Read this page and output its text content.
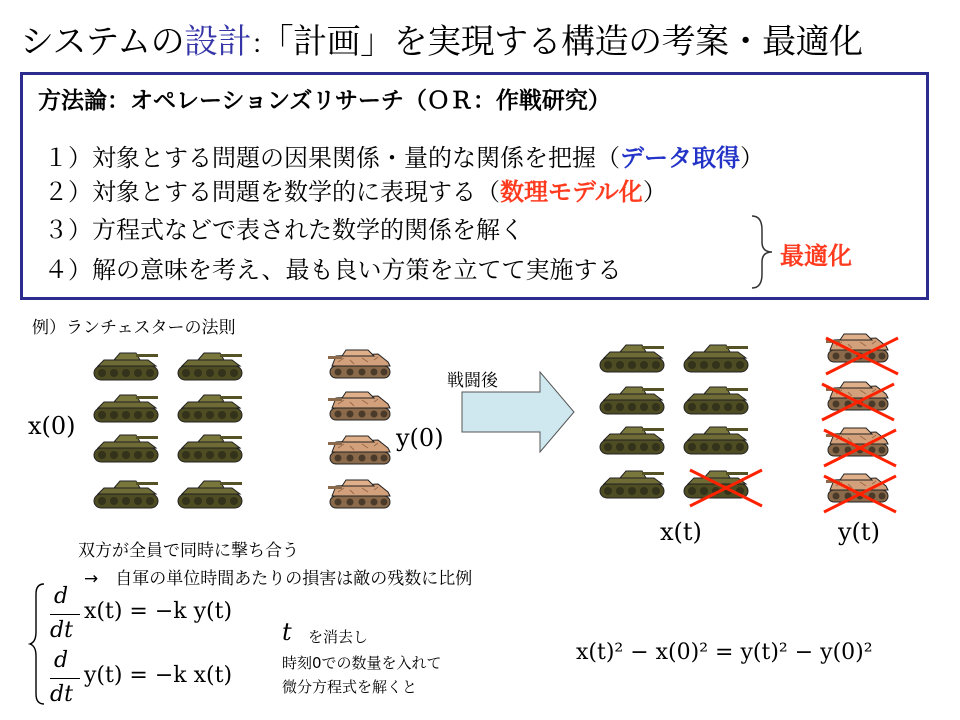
システムの設計：「計画」を実現する構造の考案・最適化
方法論：オペレーションズリサーチ（ＯＲ：作戦研究）
１）対象とする問題の因果関係・量的な関係を把握（データ取得）
２）対象とする問題を数学的に表現する（数理モデル化）
３）方程式などで表された数学的関係を解く
４）解の意味を考え、最も良い方策を立てて実施する	最適化
例）ランチェスターの法則
戦闘後
x(0)	y(0)
x(t)	y(t)
双方が全員で同時に撃ち合う
→　自軍の単位時間あたりの損害は敵の残数に比例
d
dt
x(t) = −k y(t)
d
dt
y(t) = −k x(t)
t を消去し
時刻0での数量を入れて
微分方程式を解くと
x(t)² − x(0)² = y(t)² − y(0)²
